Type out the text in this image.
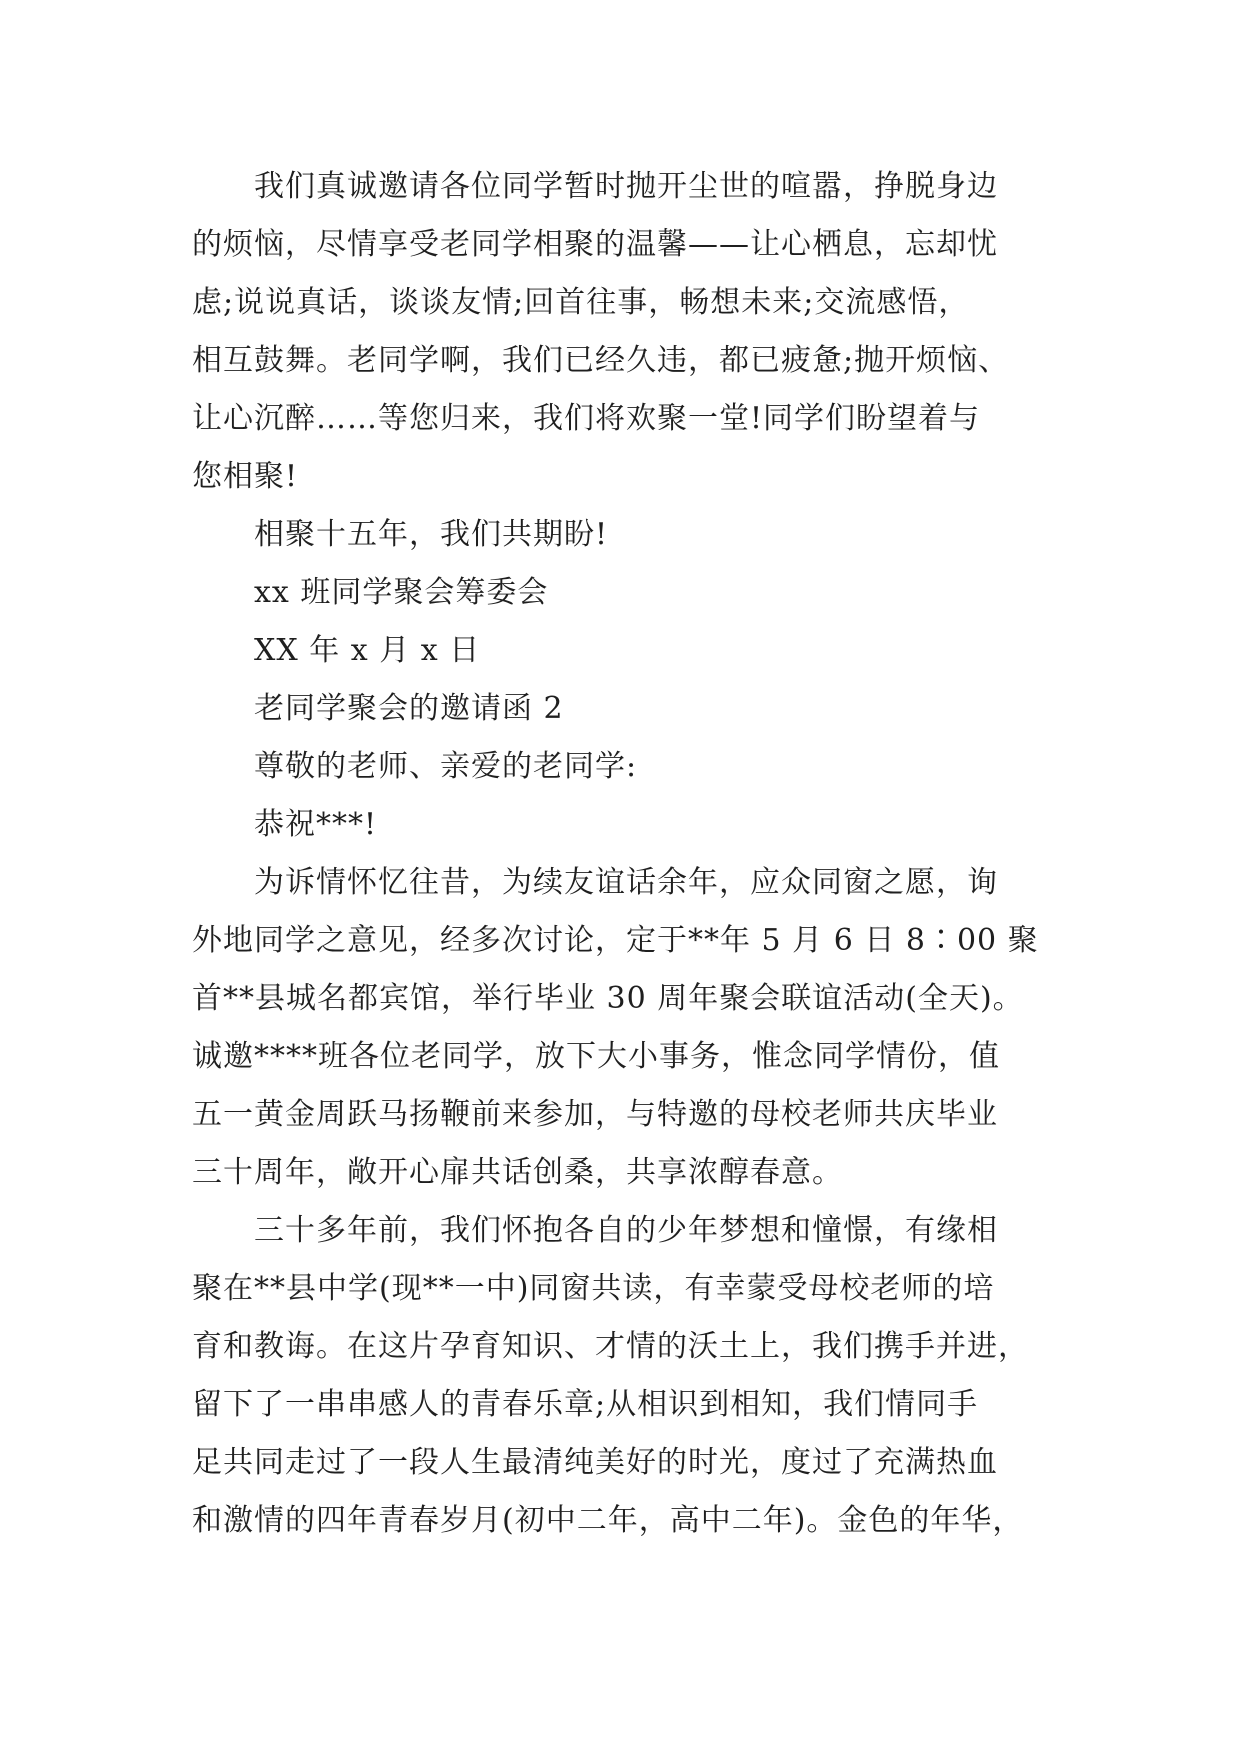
我们真诚邀请各位同学暂时抛开尘世的喧嚣，挣脱身边
的烦恼，尽情享受老同学相聚的温馨——让心栖息，忘却忧
虑;说说真话，谈谈友情;回首往事，畅想未来;交流感悟，
相互鼓舞。老同学啊，我们已经久违，都已疲惫;抛开烦恼、
让心沉醉……等您归来，我们将欢聚一堂!同学们盼望着与
您相聚!
相聚十五年，我们共期盼!
xx 班同学聚会筹委会
XX 年 x 月 x 日
老同学聚会的邀请函 2
尊敬的老师、亲爱的老同学:
恭祝***!
为诉情怀忆往昔，为续友谊话余年，应众同窗之愿，询
外地同学之意见，经多次讨论，定于**年 5 月 6 日 8∶00 聚
首**县城名都宾馆，举行毕业 30 周年聚会联谊活动(全天)。
诚邀****班各位老同学，放下大小事务，惟念同学情份，值
五一黄金周跃马扬鞭前来参加，与特邀的母校老师共庆毕业
三十周年，敞开心扉共话创桑，共享浓醇春意。
三十多年前，我们怀抱各自的少年梦想和憧憬，有缘相
聚在**县中学(现**一中)同窗共读，有幸蒙受母校老师的培
育和教诲。在这片孕育知识、才情的沃土上，我们携手并进，
留下了一串串感人的青春乐章;从相识到相知，我们情同手
足共同走过了一段人生最清纯美好的时光，度过了充满热血
和激情的四年青春岁月(初中二年，高中二年)。金色的年华，
